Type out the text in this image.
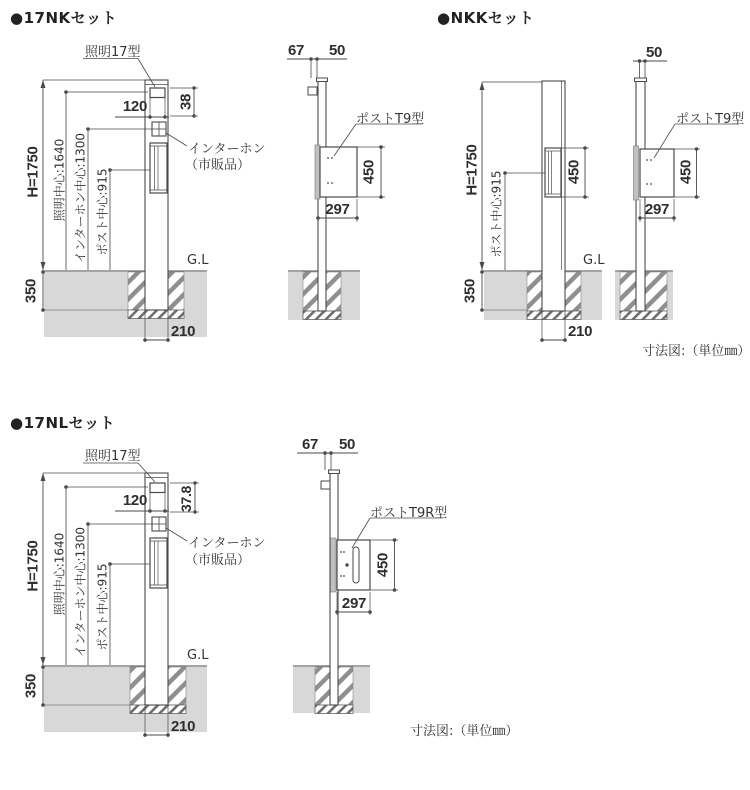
●17NKセット
照明17型
120 38
インターホン
（市販品）
H=1750 照明中心:1640 インターホン中心:1300 ポスト中心:915
G.L
350
210
67 50
ポストT9型
450
297
●NKKセット
H=1750
ポスト中心:915	450
G.L
350
210
50
ポストT9型
450
297
寸法図:（単位㎜）
●17NLセット
照明17型
120 37.8
インターホン
（市販品）
H=1750 照明中心:1640 インターホン中心:1300 ポスト中心:915
G.L
350
210
67 50
ポストT9R型
450
297
寸法図:（単位㎜）
